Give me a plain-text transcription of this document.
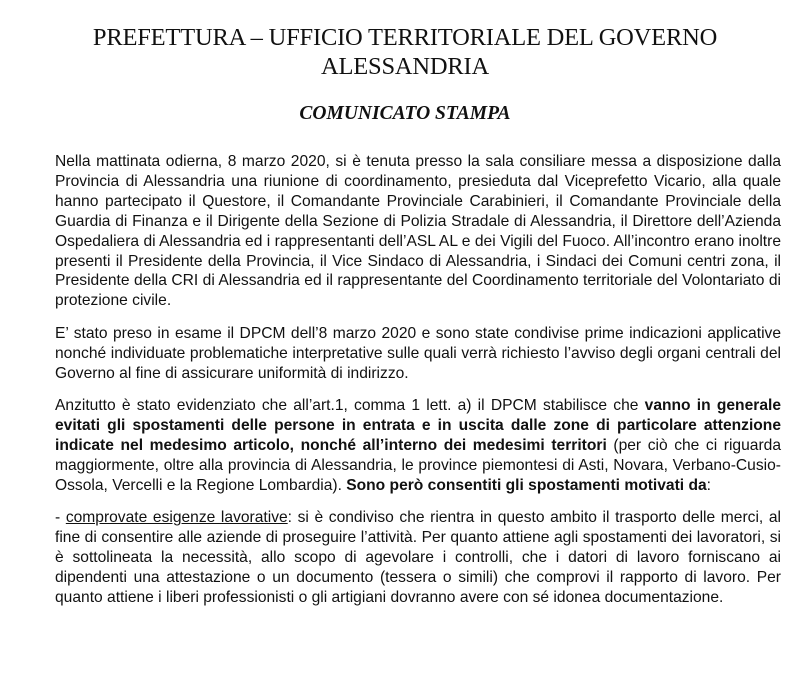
PREFETTURA – UFFICIO TERRITORIALE DEL GOVERNO
ALESSANDRIA
COMUNICATO STAMPA

Nella mattinata odierna, 8 marzo 2020, si è tenuta presso la sala consiliare messa a disposizione dalla Provincia di Alessandria una riunione di coordinamento, presieduta dal Viceprefetto Vicario, alla quale hanno partecipato il Questore, il Comandante Provinciale Carabinieri, il Comandante Provinciale della Guardia di Finanza e il Dirigente della Sezione di Polizia Stradale di Alessandria, il Direttore dell’Azienda Ospedaliera di Alessandria ed i rappresentanti dell’ASL AL e dei Vigili del Fuoco. All’incontro erano inoltre presenti il Presidente della Provincia, il Vice Sindaco di Alessandria, i Sindaci dei Comuni centri zona, il Presidente della CRI di Alessandria ed il rappresentante del Coordinamento territoriale del Volontariato di protezione civile.

E’ stato preso in esame il DPCM dell’8 marzo 2020 e sono state condivise prime indicazioni applicative nonché individuate problematiche interpretative sulle quali verrà richiesto l’avviso degli organi centrali del Governo al fine di assicurare uniformità di indirizzo.

Anzitutto è stato evidenziato che all’art.1, comma 1 lett. a) il DPCM stabilisce che vanno in generale evitati gli spostamenti delle persone in entrata e in uscita dalle zone di particolare attenzione indicate nel medesimo articolo, nonché all’interno dei medesimi territori (per ciò che ci riguarda maggiormente, oltre alla provincia di Alessandria, le province piemontesi di Asti, Novara, Verbano-Cusio-Ossola, Vercelli e la Regione Lombardia). Sono però consentiti gli spostamenti motivati da:

- comprovate esigenze lavorative: si è condiviso che rientra in questo ambito il trasporto delle merci, al fine di consentire alle aziende di proseguire l’attività. Per quanto attiene agli spostamenti dei lavoratori, si è sottolineata la necessità, allo scopo di agevolare i controlli, che i datori di lavoro forniscano ai dipendenti una attestazione o un documento (tessera o simili) che comprovi il rapporto di lavoro. Per quanto attiene i liberi professionisti o gli artigiani dovranno avere con sé idonea documentazione.
